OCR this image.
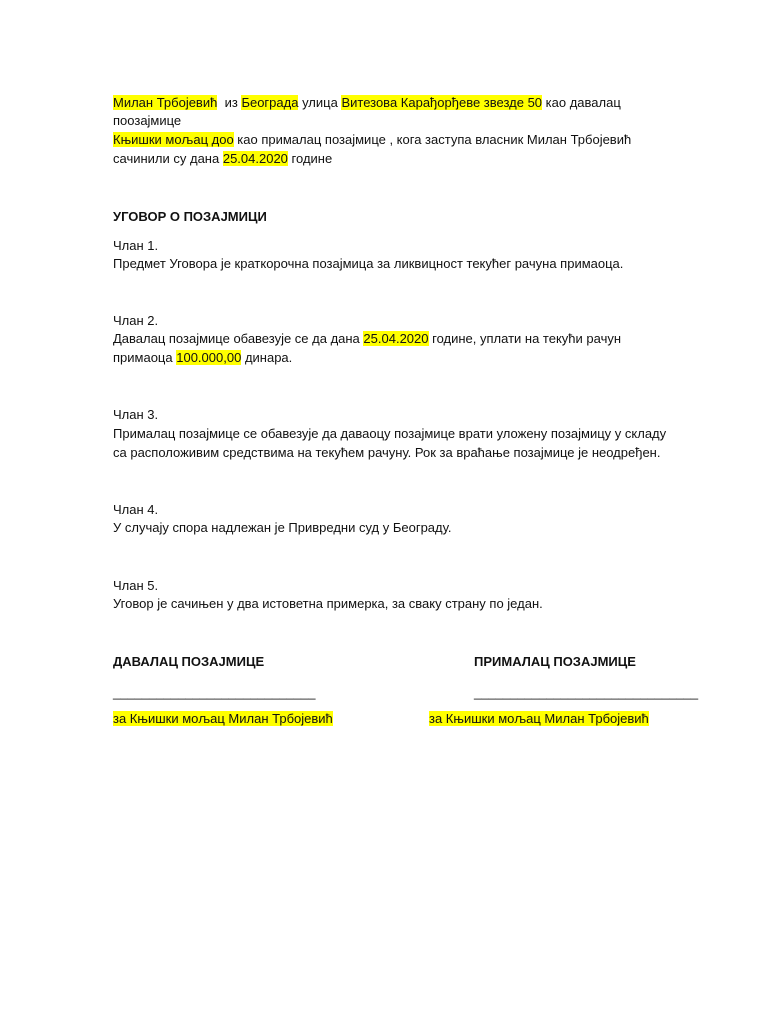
Милан Трбојевић из Београда улица Витезова Карађорђеве звезде 50 као давалац
поозајмице
Књишки мољац доо као прималац позајмице , кога заступа власник Милан Трбојевић
сачинили су дана 25.04.2020 године
УГОВОР О ПОЗАЈМИЦИ
Члан 1.
Предмет Уговора је краткорочна позајмица за ликвицност текућег рачуна примаоца.
Члан 2.
Давалац позајмице обавезује се да дана 25.04.2020 године, уплати на текући рачун
примаоца 100.000,00 динара.
Члан 3.
Прималац позајмице се обавезује да даваоцу позајмице врати уложену позајмицу у складу
са расположивим средствима на текућем рачуну. Рок за враћање позајмице је неодређен.
Члан 4.
У случају спора надлежан је Привредни суд у Београду.
Члан 5.
Уговор је сачињен у два истоветна примерка, за сваку страну по један.
ДАВАЛАЦ ПОЗАЈМИЦЕ	ПРИМАЛАЦ ПОЗАЈМИЦЕ
____________________________	_______________________________
за Књишки мољац Милан Трбојевић	за Књишки мољац Милан Трбојевић
